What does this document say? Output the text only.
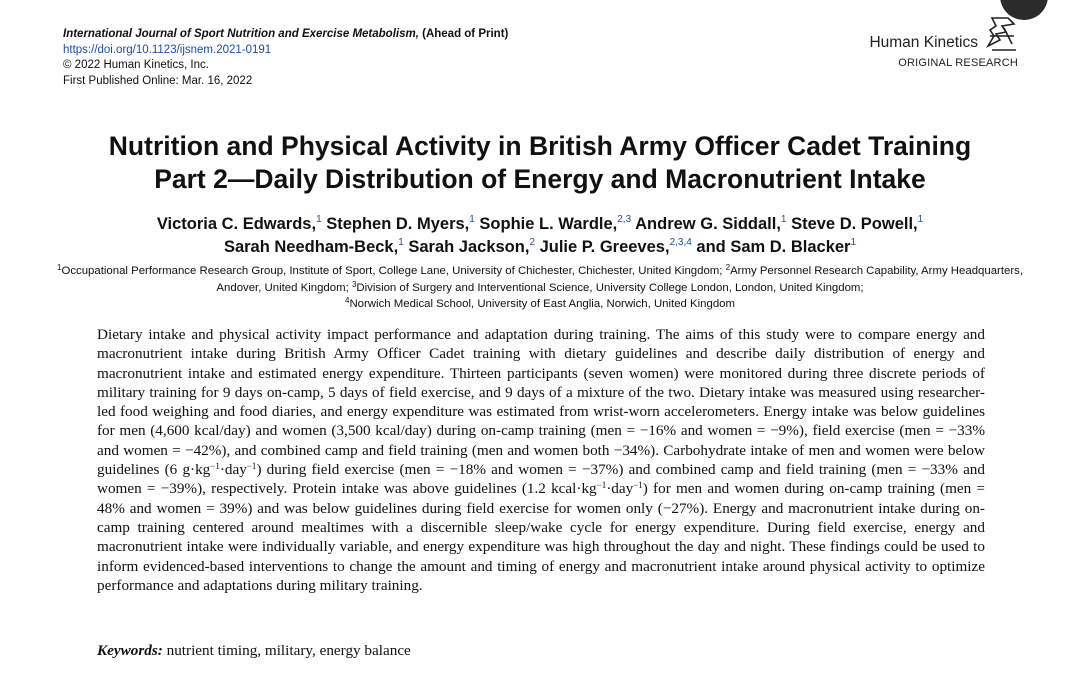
International Journal of Sport Nutrition and Exercise Metabolism, (Ahead of Print)
https://doi.org/10.1123/ijsnem.2021-0191
© 2022 Human Kinetics, Inc.
First Published Online: Mar. 16, 2022
Human Kinetics
ORIGINAL RESEARCH
Nutrition and Physical Activity in British Army Officer Cadet Training
Part 2—Daily Distribution of Energy and Macronutrient Intake
Victoria C. Edwards,$^1$ Stephen D. Myers,$^1$ Sophie L. Wardle,$^{2,3}$ Andrew G. Siddall,$^1$ Steve D. Powell,$^1$
Sarah Needham-Beck,$^1$ Sarah Jackson,$^2$ Julie P. Greeves,$^{2,3,4}$ and Sam D. Blacker$^1$
$^1$Occupational Performance Research Group, Institute of Sport, College Lane, University of Chichester, Chichester, United Kingdom; $^2$Army Personnel Research Capability, Army Headquarters, Andover, United Kingdom; $^3$Division of Surgery and Interventional Science, University College London, London, United Kingdom;
$^4$Norwich Medical School, University of East Anglia, Norwich, United Kingdom

Dietary intake and physical activity impact performance and adaptation during training. The aims of this study were to compare energy and macronutrient intake during British Army Officer Cadet training with dietary guidelines and describe daily distribution of energy and macronutrient intake and estimated energy expenditure. Thirteen participants (seven women) were monitored during three discrete periods of military training for 9 days on-camp, 5 days of field exercise, and 9 days of a mixture of the two. Dietary intake was measured using researcher-led food weighing and food diaries, and energy expenditure was estimated from wrist-worn accelerometers. Energy intake was below guidelines for men (4,600 kcal/day) and women (3,500 kcal/day) during on-camp training (men = −16% and women = −9%), field exercise (men = −33% and women = −42%), and combined camp and field training (men and women both −34%). Carbohydrate intake of men and women were below guidelines (6 $g\cdot kg^{-1}\cdot day^{-1}$) during field exercise (men = −18% and women = −37%) and combined camp and field training (men = −33% and women = −39%), respectively. Protein intake was above guidelines (1.2 $kcal\cdot kg^{-1}\cdot day^{-1}$) for men and women during on-camp training (men = 48% and women = 39%) and was below guidelines during field exercise for women only (−27%). Energy and macronutrient intake during on-camp training centered around mealtimes with a discernible sleep/wake cycle for energy expenditure. During field exercise, energy and macronutrient intake were individually variable, and energy expenditure was high throughout the day and night. These findings could be used to inform evidenced-based interventions to change the amount and timing of energy and macronutrient intake around physical activity to optimize performance and adaptations during military training.

Keywords: nutrient timing, military, energy balance
